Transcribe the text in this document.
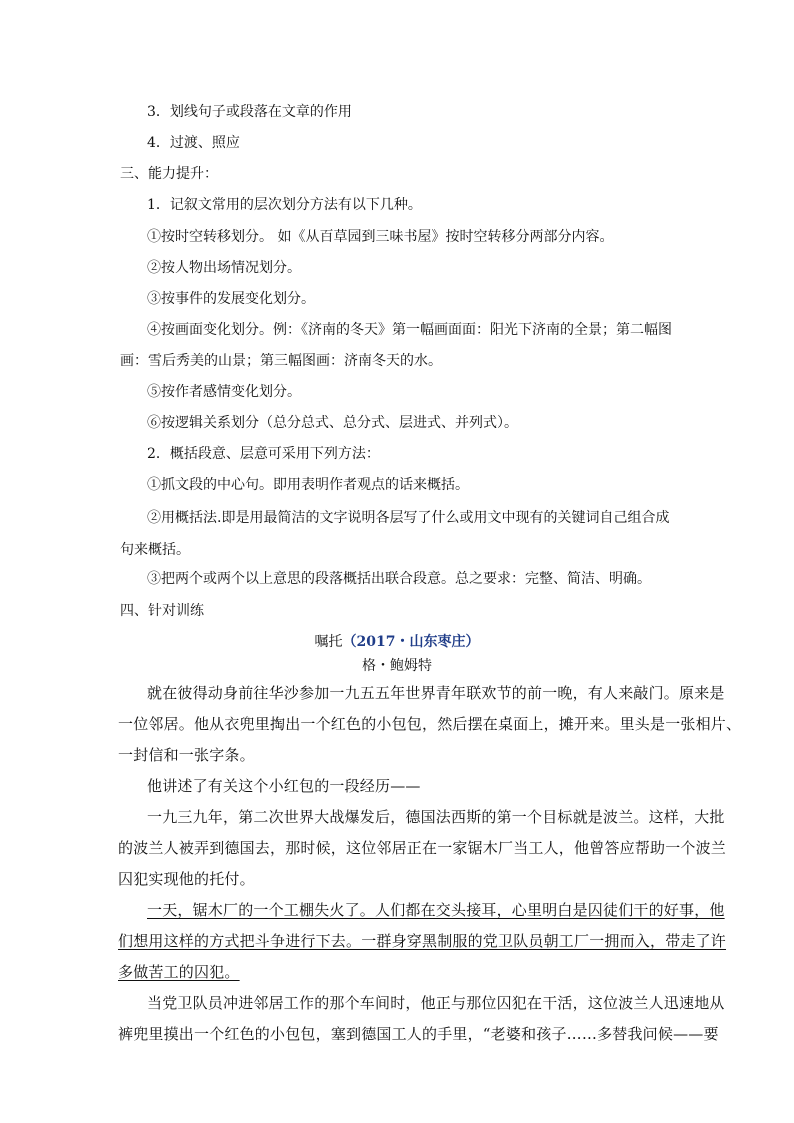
3．划线句子或段落在文章的作用
4．过渡、照应
三、能力提升：
1．记叙文常用的层次划分方法有以下几种。
①按时空转移划分。 如《从百草园到三味书屋》按时空转移分两部分内容。
②按人物出场情况划分。
③按事件的发展变化划分。
④按画面变化划分。例：《济南的冬天》第一幅画面面：阳光下济南的全景；第二幅图
画：雪后秀美的山景；第三幅图画：济南冬天的水。
⑤按作者感情变化划分。
⑥按逻辑关系划分（总分总式、总分式、层进式、并列式）。
2．概括段意、层意可采用下列方法：
①抓文段的中心句。即用表明作者观点的话来概括。
②用概括法.即是用最简洁的文字说明各层写了什么或用文中现有的关键词自己组合成
句来概括。
③把两个或两个以上意思的段落概括出联合段意。总之要求：完整、简洁、明确。
四、针对训练
嘱托（2017・山东枣庄）
格・鲍姆特
就在彼得动身前往华沙参加一九五五年世界青年联欢节的前一晚，有人来敲门。原来是
一位邻居。他从衣兜里掏出一个红色的小包包，然后摆在桌面上，摊开来。里头是一张相片、
一封信和一张字条。
他讲述了有关这个小红包的一段经历——
一九三九年，第二次世界大战爆发后，德国法西斯的第一个目标就是波兰。这样，大批
的波兰人被弄到德国去，那时候，这位邻居正在一家锯木厂当工人，他曾答应帮助一个波兰
囚犯实现他的托付。
一天，锯木厂的一个工棚失火了。人们都在交头接耳，心里明白是囚徒们干的好事，他
们想用这样的方式把斗争进行下去。一群身穿黑制服的党卫队员朝工厂一拥而入，带走了许
多做苦工的囚犯。
当党卫队员冲进邻居工作的那个车间时，他正与那位囚犯在干活，这位波兰人迅速地从
裤兜里摸出一个红色的小包包，塞到德国工人的手里，“老婆和孩子……多替我问候——要
